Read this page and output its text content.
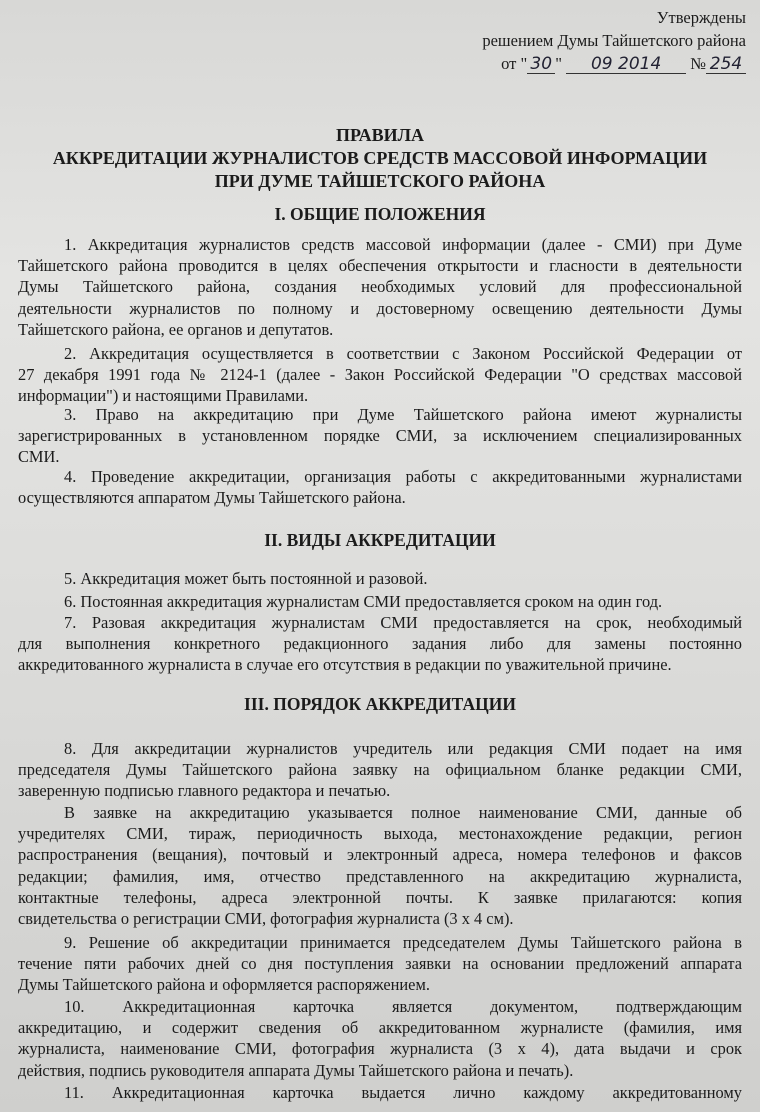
Утверждены
решением Думы Тайшетского района
от " 30 " 09 2014 № 254
ПРАВИЛА
АККРЕДИТАЦИИ ЖУРНАЛИСТОВ СРЕДСТВ МАССОВОЙ ИНФОРМАЦИИ
ПРИ ДУМЕ ТАЙШЕТСКОГО РАЙОНА
I. ОБЩИЕ ПОЛОЖЕНИЯ
1. Аккредитация журналистов средств массовой информации (далее - СМИ) при Думе
Тайшетского района проводится в целях обеспечения открытости и гласности в деятельности
Думы Тайшетского района, создания необходимых условий для профессиональной
деятельности журналистов по полному и достоверному освещению деятельности Думы
Тайшетского района, ее органов и депутатов.
2. Аккредитация осуществляется в соответствии с Законом Российской Федерации от
27 декабря 1991 года № 2124-1 (далее - Закон Российской Федерации "О средствах массовой
информации") и настоящими Правилами.
3. Право на аккредитацию при Думе Тайшетского района имеют журналисты
зарегистрированных в установленном порядке СМИ, за исключением специализированных
СМИ.
4. Проведение аккредитации, организация работы с аккредитованными журналистами
осуществляются аппаратом Думы Тайшетского района.
II. ВИДЫ АККРЕДИТАЦИИ
5. Аккредитация может быть постоянной и разовой.
6. Постоянная аккредитация журналистам СМИ предоставляется сроком на один год.
7. Разовая аккредитация журналистам СМИ предоставляется на срок, необходимый
для выполнения конкретного редакционного задания либо для замены постоянно
аккредитованного журналиста в случае его отсутствия в редакции по уважительной причине.
III. ПОРЯДОК АККРЕДИТАЦИИ
8. Для аккредитации журналистов учредитель или редакция СМИ подает на имя
председателя Думы Тайшетского района заявку на официальном бланке редакции СМИ,
заверенную подписью главного редактора и печатью.
В заявке на аккредитацию указывается полное наименование СМИ, данные об
учредителях СМИ, тираж, периодичность выхода, местонахождение редакции, регион
распространения (вещания), почтовый и электронный адреса, номера телефонов и факсов
редакции; фамилия, имя, отчество представленного на аккредитацию журналиста,
контактные телефоны, адреса электронной почты. К заявке прилагаются: копия
свидетельства о регистрации СМИ, фотография журналиста (3 х 4 см).
9. Решение об аккредитации принимается председателем Думы Тайшетского района в
течение пяти рабочих дней со дня поступления заявки на основании предложений аппарата
Думы Тайшетского района и оформляется распоряжением.
10. Аккредитационная карточка является документом, подтверждающим
аккредитацию, и содержит сведения об аккредитованном журналисте (фамилия, имя
журналиста, наименование СМИ, фотография журналиста (3 х 4), дата выдачи и срок
действия, подпись руководителя аппарата Думы Тайшетского района и печать).
11. Аккредитационная карточка выдается лично каждому аккредитованному
